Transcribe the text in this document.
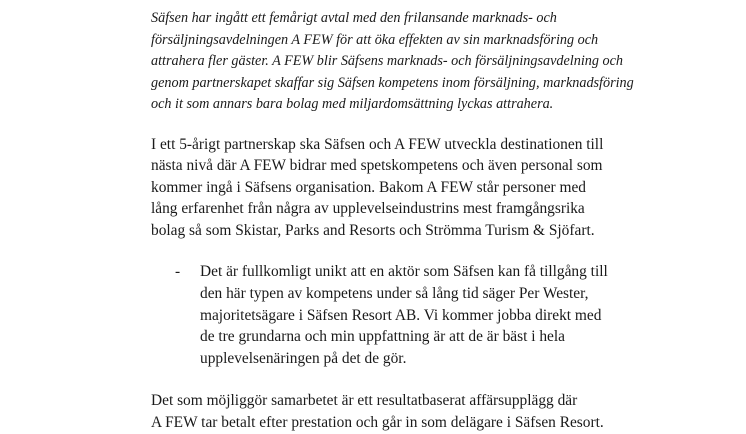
Säfsen har ingått ett femårigt avtal med den frilansande marknads- och
försäljningsavdelningen A FEW för att öka effekten av sin marknadsföring och
attrahera fler gäster. A FEW blir Säfsens marknads- och försäljningsavdelning och
genom partnerskapet skaffar sig Säfsen kompetens inom försäljning, marknadsföring
och it som annars bara bolag med miljardomsättning lyckas attrahera.
I ett 5-årigt partnerskap ska Säfsen och A FEW utveckla destinationen till
nästa nivå där A FEW bidrar med spetskompetens och även personal som
kommer ingå i Säfsens organisation. Bakom A FEW står personer med
lång erfarenhet från några av upplevelseindustrins mest framgångsrika
bolag så som Skistar, Parks and Resorts och Strömma Turism & Sjöfart.
- Det är fullkomligt unikt att en aktör som Säfsen kan få tillgång till
den här typen av kompetens under så lång tid säger Per Wester,
majoritetsägare i Säfsen Resort AB. Vi kommer jobba direkt med
de tre grundarna och min uppfattning är att de är bäst i hela
upplevelsenäringen på det de gör.
Det som möjliggör samarbetet är ett resultatbaserat affärsupplägg där
A FEW tar betalt efter prestation och går in som delägare i Säfsen Resort.
